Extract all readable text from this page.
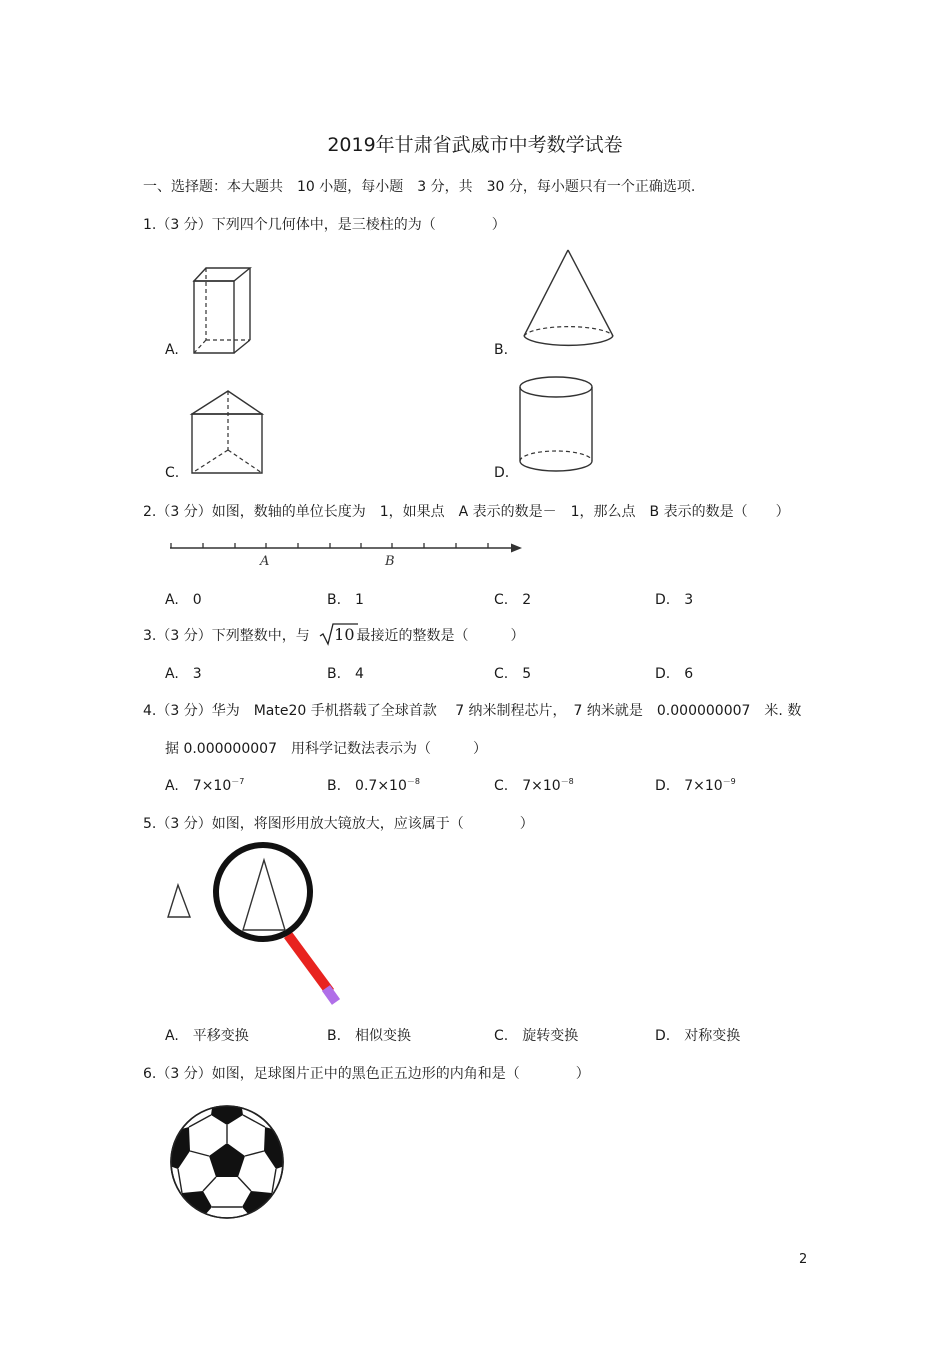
2019年甘肃省武威市中考数学试卷
一、选择题：本大题共　10 小题，每小题　3 分，共　30 分，每小题只有一个正确选项.
1.（3 分）下列四个几何体中，是三棱柱的为（　　　　）
A.	B.
C.	D.
2.（3 分）如图，数轴的单位长度为　1，如果点　A 表示的数是－　1，那么点　B 表示的数是（　　）
A	B
A.　0	B.　1	C.　2	D.　3
3.（3 分）下列整数中，与 10 最接近的整数是（　　　）
A.　3	B.　4	C.　5	D.　6
4.（3 分）华为　Mate20 手机搭载了全球首款　 7 纳米制程芯片，　7 纳米就是　0.000000007　米. 数
据 0.000000007　用科学记数法表示为（　　　）
A.　$7\times 10^{-7}$	B.　$0.7\times 10^{-8}$	C.　$7\times 10^{-8}$	D.　$7\times 10^{-9}$
5.（3 分）如图，将图形用放大镜放大，应该属于（　　　　）
A.　平移变换	B.　相似变换	C.　旋转变换	D.　对称变换
6.（3 分）如图，足球图片正中的黑色正五边形的内角和是（　　　　）
2
